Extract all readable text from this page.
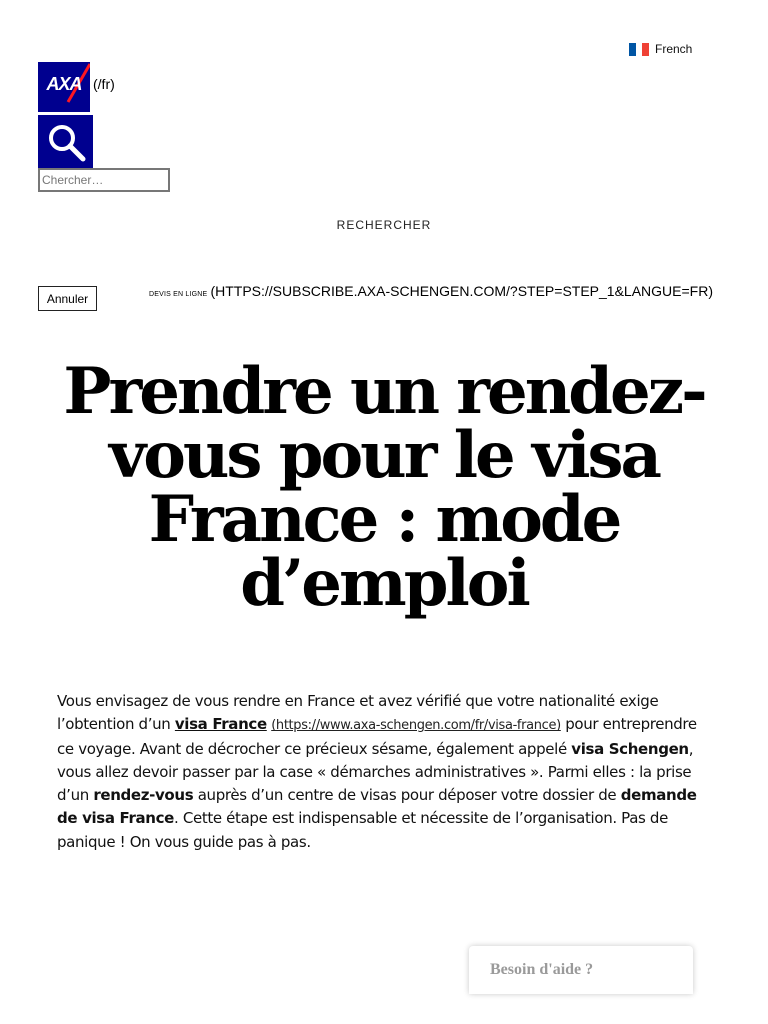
French
AXA (/fr)
Chercher…
RECHERCHER
Annuler	DEVIS EN LIGNE (HTTPS://SUBSCRIBE.AXA-SCHENGEN.COM/?STEP=STEP_1&LANGUE=FR)
Prendre un rendez-vous pour le visa France : mode d’emploi

Vous envisagez de vous rendre en France et avez vérifié que votre nationalité exige l’obtention d’un visa France (https://www.axa-schengen.com/fr/visa-france) pour entreprendre ce voyage. Avant de décrocher ce précieux sésame, également appelé visa Schengen, vous allez devoir passer par la case « démarches administratives ». Parmi elles : la prise d’un rendez-vous auprès d’un centre de visas pour déposer votre dossier de demande de visa France. Cette étape est indispensable et nécessite de l’organisation. Pas de panique ! On vous guide pas à pas.

Besoin d'aide ?
